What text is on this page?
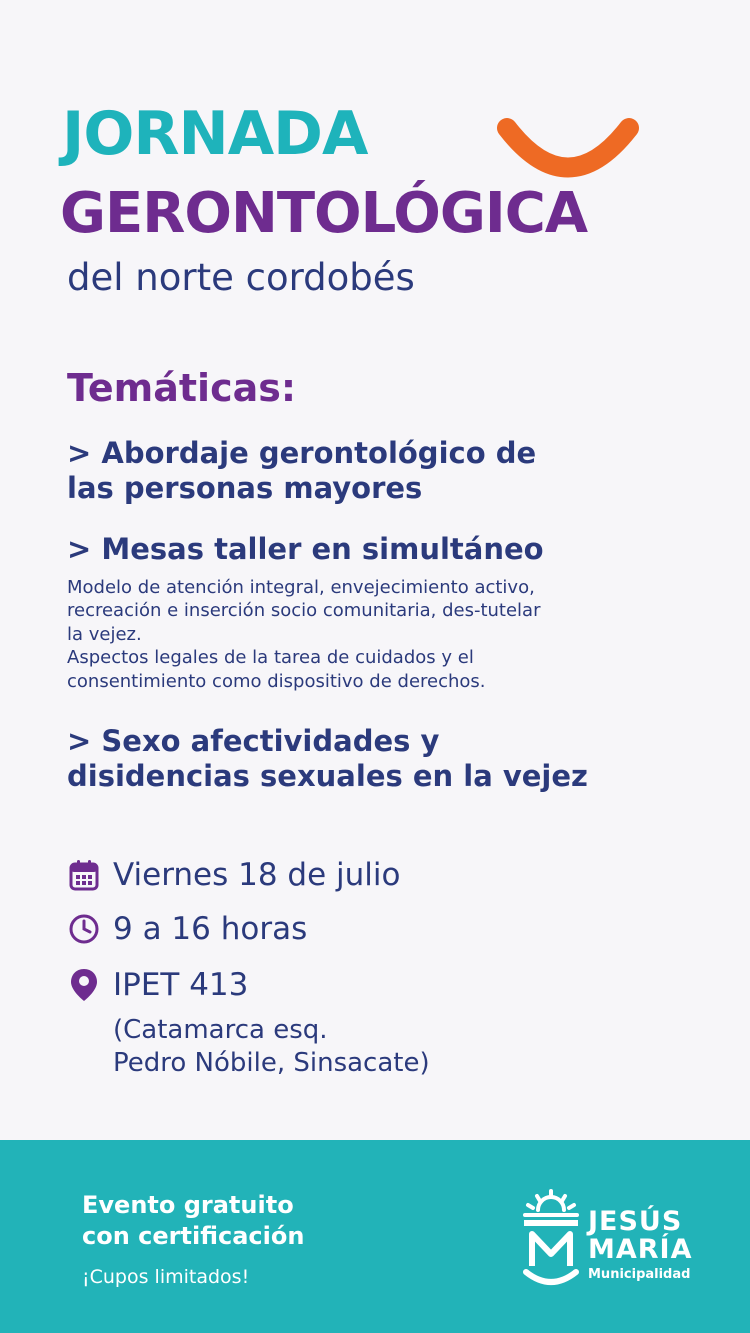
JORNADA
GERONTOLÓGICA
del norte cordobés
Temáticas:
> Abordaje gerontológico de
las personas mayores
> Mesas taller en simultáneo
Modelo de atención integral, envejecimiento activo,
recreación e inserción socio comunitaria, des-tutelar
la vejez.
Aspectos legales de la tarea de cuidados y el
consentimiento como dispositivo de derechos.
> Sexo afectividades y
disidencias sexuales en la vejez
Viernes 18 de julio
9 a 16 horas
IPET 413
(Catamarca esq.
Pedro Nóbile, Sinsacate)
Evento gratuito
con certificación
¡Cupos limitados!
JESÚS
MARÍA
Municipalidad
